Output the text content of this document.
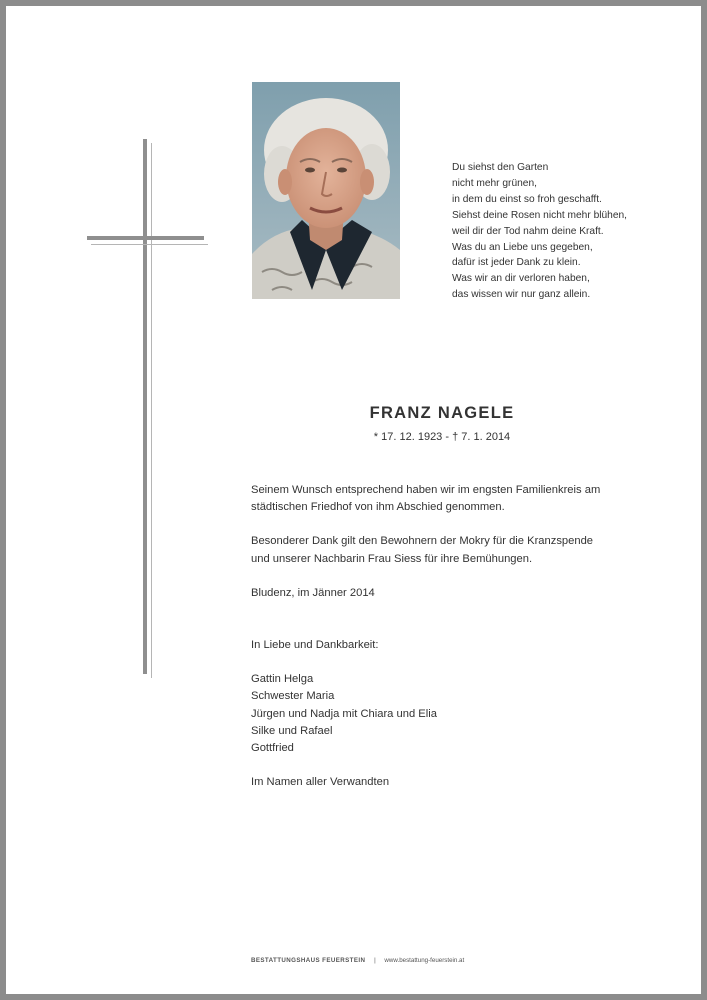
Du siehst den Garten
nicht mehr grünen,
in dem du einst so froh geschafft.
Siehst deine Rosen nicht mehr blühen,
weil dir der Tod nahm deine Kraft.
Was du an Liebe uns gegeben,
dafür ist jeder Dank zu klein.
Was wir an dir verloren haben,
das wissen wir nur ganz allein.
FRANZ NAGELE
* 17. 12. 1923 - † 7. 1. 2014

Seinem Wunsch entsprechend haben wir im engsten Familienkreis am

städtischen Friedhof von ihm Abschied genommen.

Besonderer Dank gilt den Bewohnern der Mokry für die Kranzspende

und unserer Nachbarin Frau Siess für ihre Bemühungen.

Bludenz, im Jänner 2014

In Liebe und Dankbarkeit:

Gattin Helga

Schwester Maria

Jürgen und Nadja mit Chiara und Elia

Silke und Rafael

Gottfried

Im Namen aller Verwandten

BESTATTUNGSHAUS FEUERSTEIN | www.bestattung-feuerstein.at
